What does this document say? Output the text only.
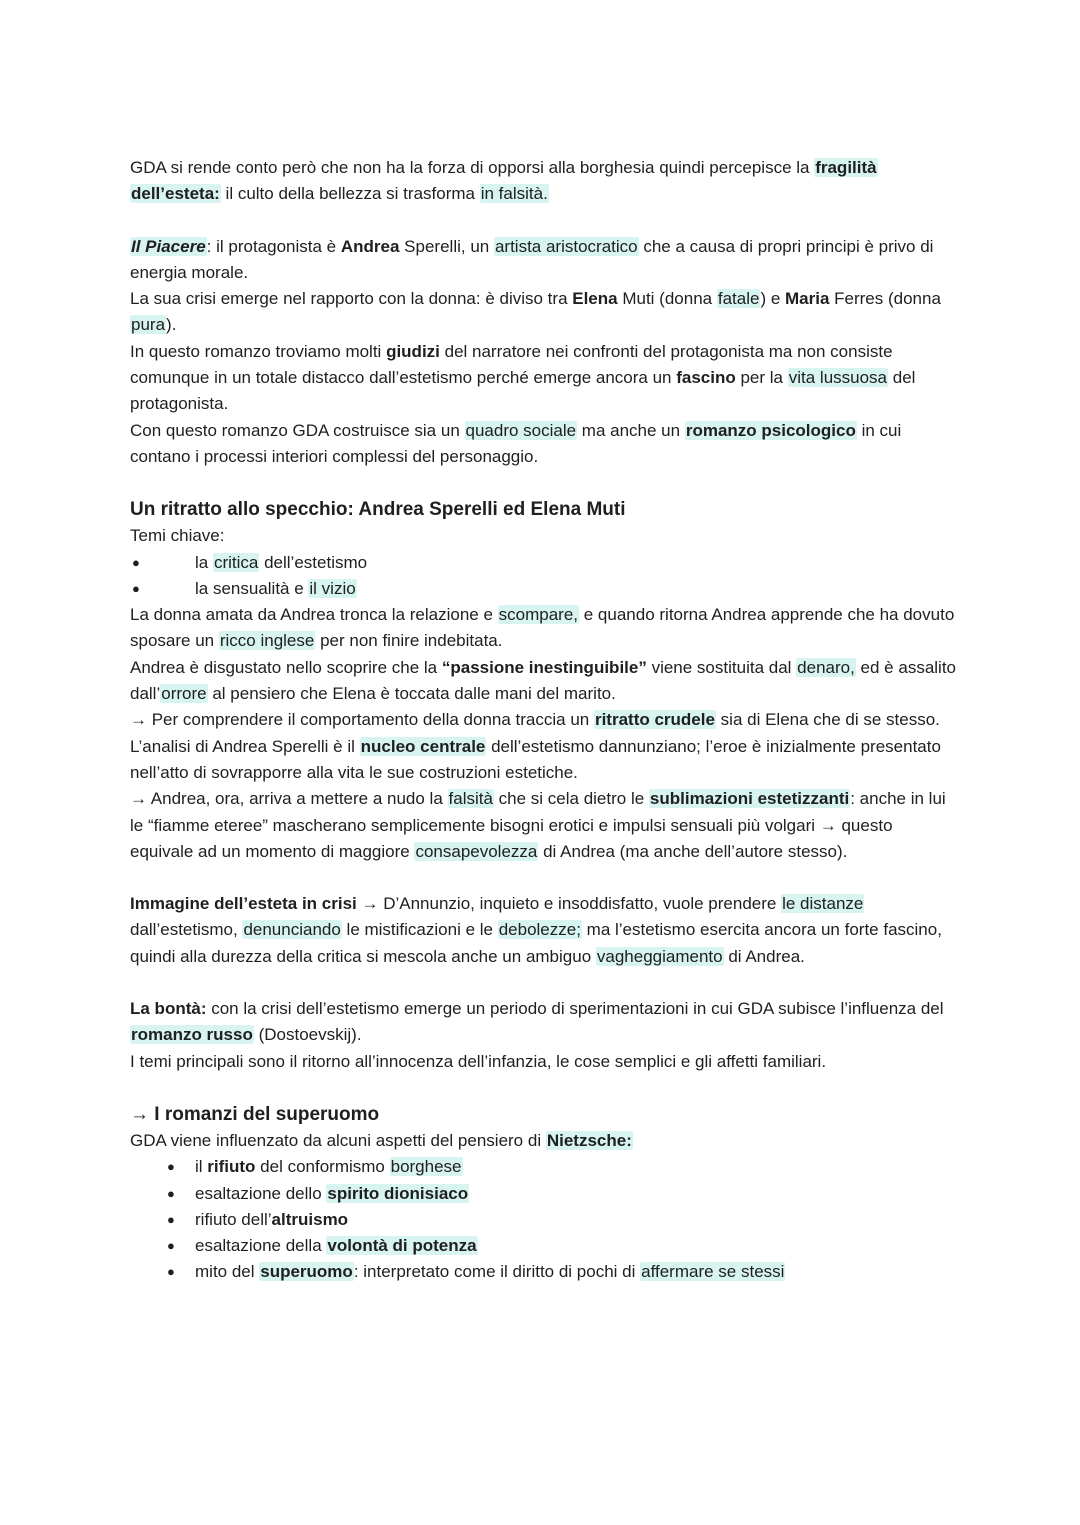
GDA si rende conto però che non ha la forza di opporsi alla borghesia quindi percepisce la fragilità dell’esteta: il culto della bellezza si trasforma in falsità.

Il Piacere: il protagonista è Andrea Sperelli, un artista aristocratico che a causa di propri principi è privo di energia morale.

La sua crisi emerge nel rapporto con la donna: è diviso tra Elena Muti (donna fatale) e Maria Ferres (donna pura).

In questo romanzo troviamo molti giudizi del narratore nei confronti del protagonista ma non consiste comunque in un totale distacco dall’estetismo perché emerge ancora un fascino per la vita lussuosa del protagonista.

Con questo romanzo GDA costruisce sia un quadro sociale ma anche un romanzo psicologico in cui contano i processi interiori complessi del personaggio.

Un ritratto allo specchio: Andrea Sperelli ed Elena Muti

Temi chiave:

● la critica dell’estetismo
● la sensualità e il vizio

La donna amata da Andrea tronca la relazione e scompare, e quando ritorna Andrea apprende che ha dovuto sposare un ricco inglese per non finire indebitata.

Andrea è disgustato nello scoprire che la “passione inestinguibile” viene sostituita dal denaro, ed è assalito dall’orrore al pensiero che Elena è toccata dalle mani del marito.

→ Per comprendere il comportamento della donna traccia un ritratto crudele sia di Elena che di se stesso.

L’analisi di Andrea Sperelli è il nucleo centrale dell’estetismo dannunziano; l’eroe è inizialmente presentato nell’atto di sovrapporre alla vita le sue costruzioni estetiche.

→ Andrea, ora, arriva a mettere a nudo la falsità che si cela dietro le sublimazioni estetizzanti: anche in lui le “fiamme eteree” mascherano semplicemente bisogni erotici e impulsi sensuali più volgari → questo equivale ad un momento di maggiore consapevolezza di Andrea (ma anche dell’autore stesso).

Immagine dell’esteta in crisi → D’Annunzio, inquieto e insoddisfatto, vuole prendere le distanze dall’estetismo, denunciando le mistificazioni e le debolezze; ma l’estetismo esercita ancora un forte fascino, quindi alla durezza della critica si mescola anche un ambiguo vagheggiamento di Andrea.

La bontà: con la crisi dell’estetismo emerge un periodo di sperimentazioni in cui GDA subisce l’influenza del romanzo russo (Dostoevskij).

I temi principali sono il ritorno all’innocenza dell’infanzia, le cose semplici e gli affetti familiari.

→ I romanzi del superuomo

GDA viene influenzato da alcuni aspetti del pensiero di Nietzsche:

● il rifiuto del conformismo borghese
● esaltazione dello spirito dionisiaco
● rifiuto dell’altruismo
● esaltazione della volontà di potenza
● mito del superuomo: interpretato come il diritto di pochi di affermare se stessi
